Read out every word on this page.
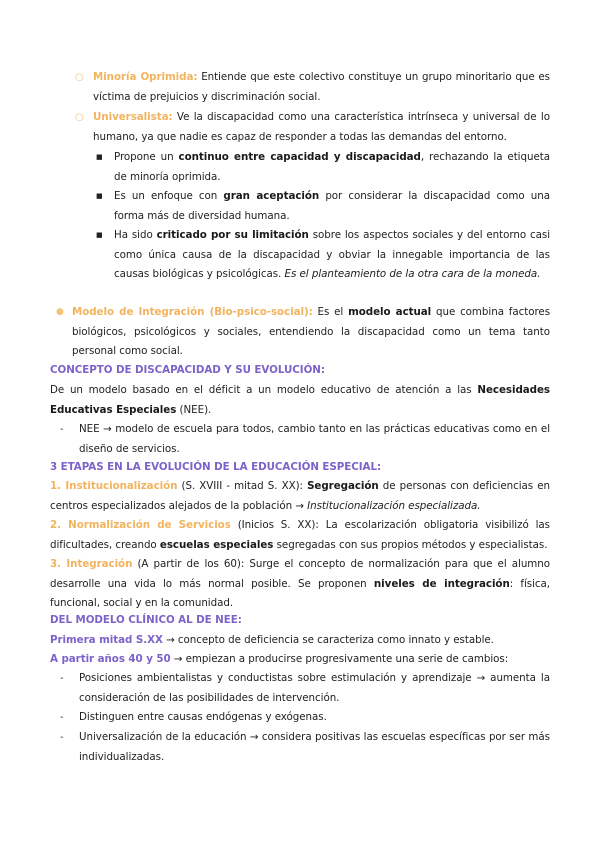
○ Minoría Oprimida: Entiende que este colectivo constituye un grupo minoritario que es víctima de prejuicios y discriminación social.

○ Universalista: Ve la discapacidad como una característica intrínseca y universal de lo humano, ya que nadie es capaz de responder a todas las demandas del entorno.

■ Propone un continuo entre capacidad y discapacidad, rechazando la etiqueta de minoría oprimida.

■ Es un enfoque con gran aceptación por considerar la discapacidad como una forma más de diversidad humana.

■ Ha sido criticado por su limitación sobre los aspectos sociales y del entorno casi como única causa de la discapacidad y obviar la innegable importancia de las causas biológicas y psicológicas. Es el planteamiento de la otra cara de la moneda.

● Modelo de Integración (Bio-psico-social): Es el modelo actual que combina factores biológicos, psicológicos y sociales, entendiendo la discapacidad como un tema tanto personal como social.

CONCEPTO DE DISCAPACIDAD Y SU EVOLUCIÓN:

De un modelo basado en el déficit a un modelo educativo de atención a las Necesidades Educativas Especiales (NEE).

- NEE → modelo de escuela para todos, cambio tanto en las prácticas educativas como en el diseño de servicios.

3 ETAPAS EN LA EVOLUCIÓN DE LA EDUCACIÓN ESPECIAL:

1. Institucionalización (S. XVIII - mitad S. XX): Segregación de personas con deficiencias en centros especializados alejados de la población → Institucionalización especializada.

2. Normalización de Servicios (Inicios S. XX): La escolarización obligatoria visibilizó las dificultades, creando escuelas especiales segregadas con sus propios métodos y especialistas.

3. Integración (A partir de los 60): Surge el concepto de normalización para que el alumno desarrolle una vida lo más normal posible. Se proponen niveles de integración: física, funcional, social y en la comunidad.

DEL MODELO CLÍNICO AL DE NEE:

Primera mitad S.XX → concepto de deficiencia se caracteriza como innato y estable.

A partir años 40 y 50 → empiezan a producirse progresivamente una serie de cambios:

- Posiciones ambientalistas y conductistas sobre estimulación y aprendizaje → aumenta la consideración de las posibilidades de intervención.

- Distinguen entre causas endógenas y exógenas.

- Universalización de la educación → considera positivas las escuelas específicas por ser más individualizadas.
